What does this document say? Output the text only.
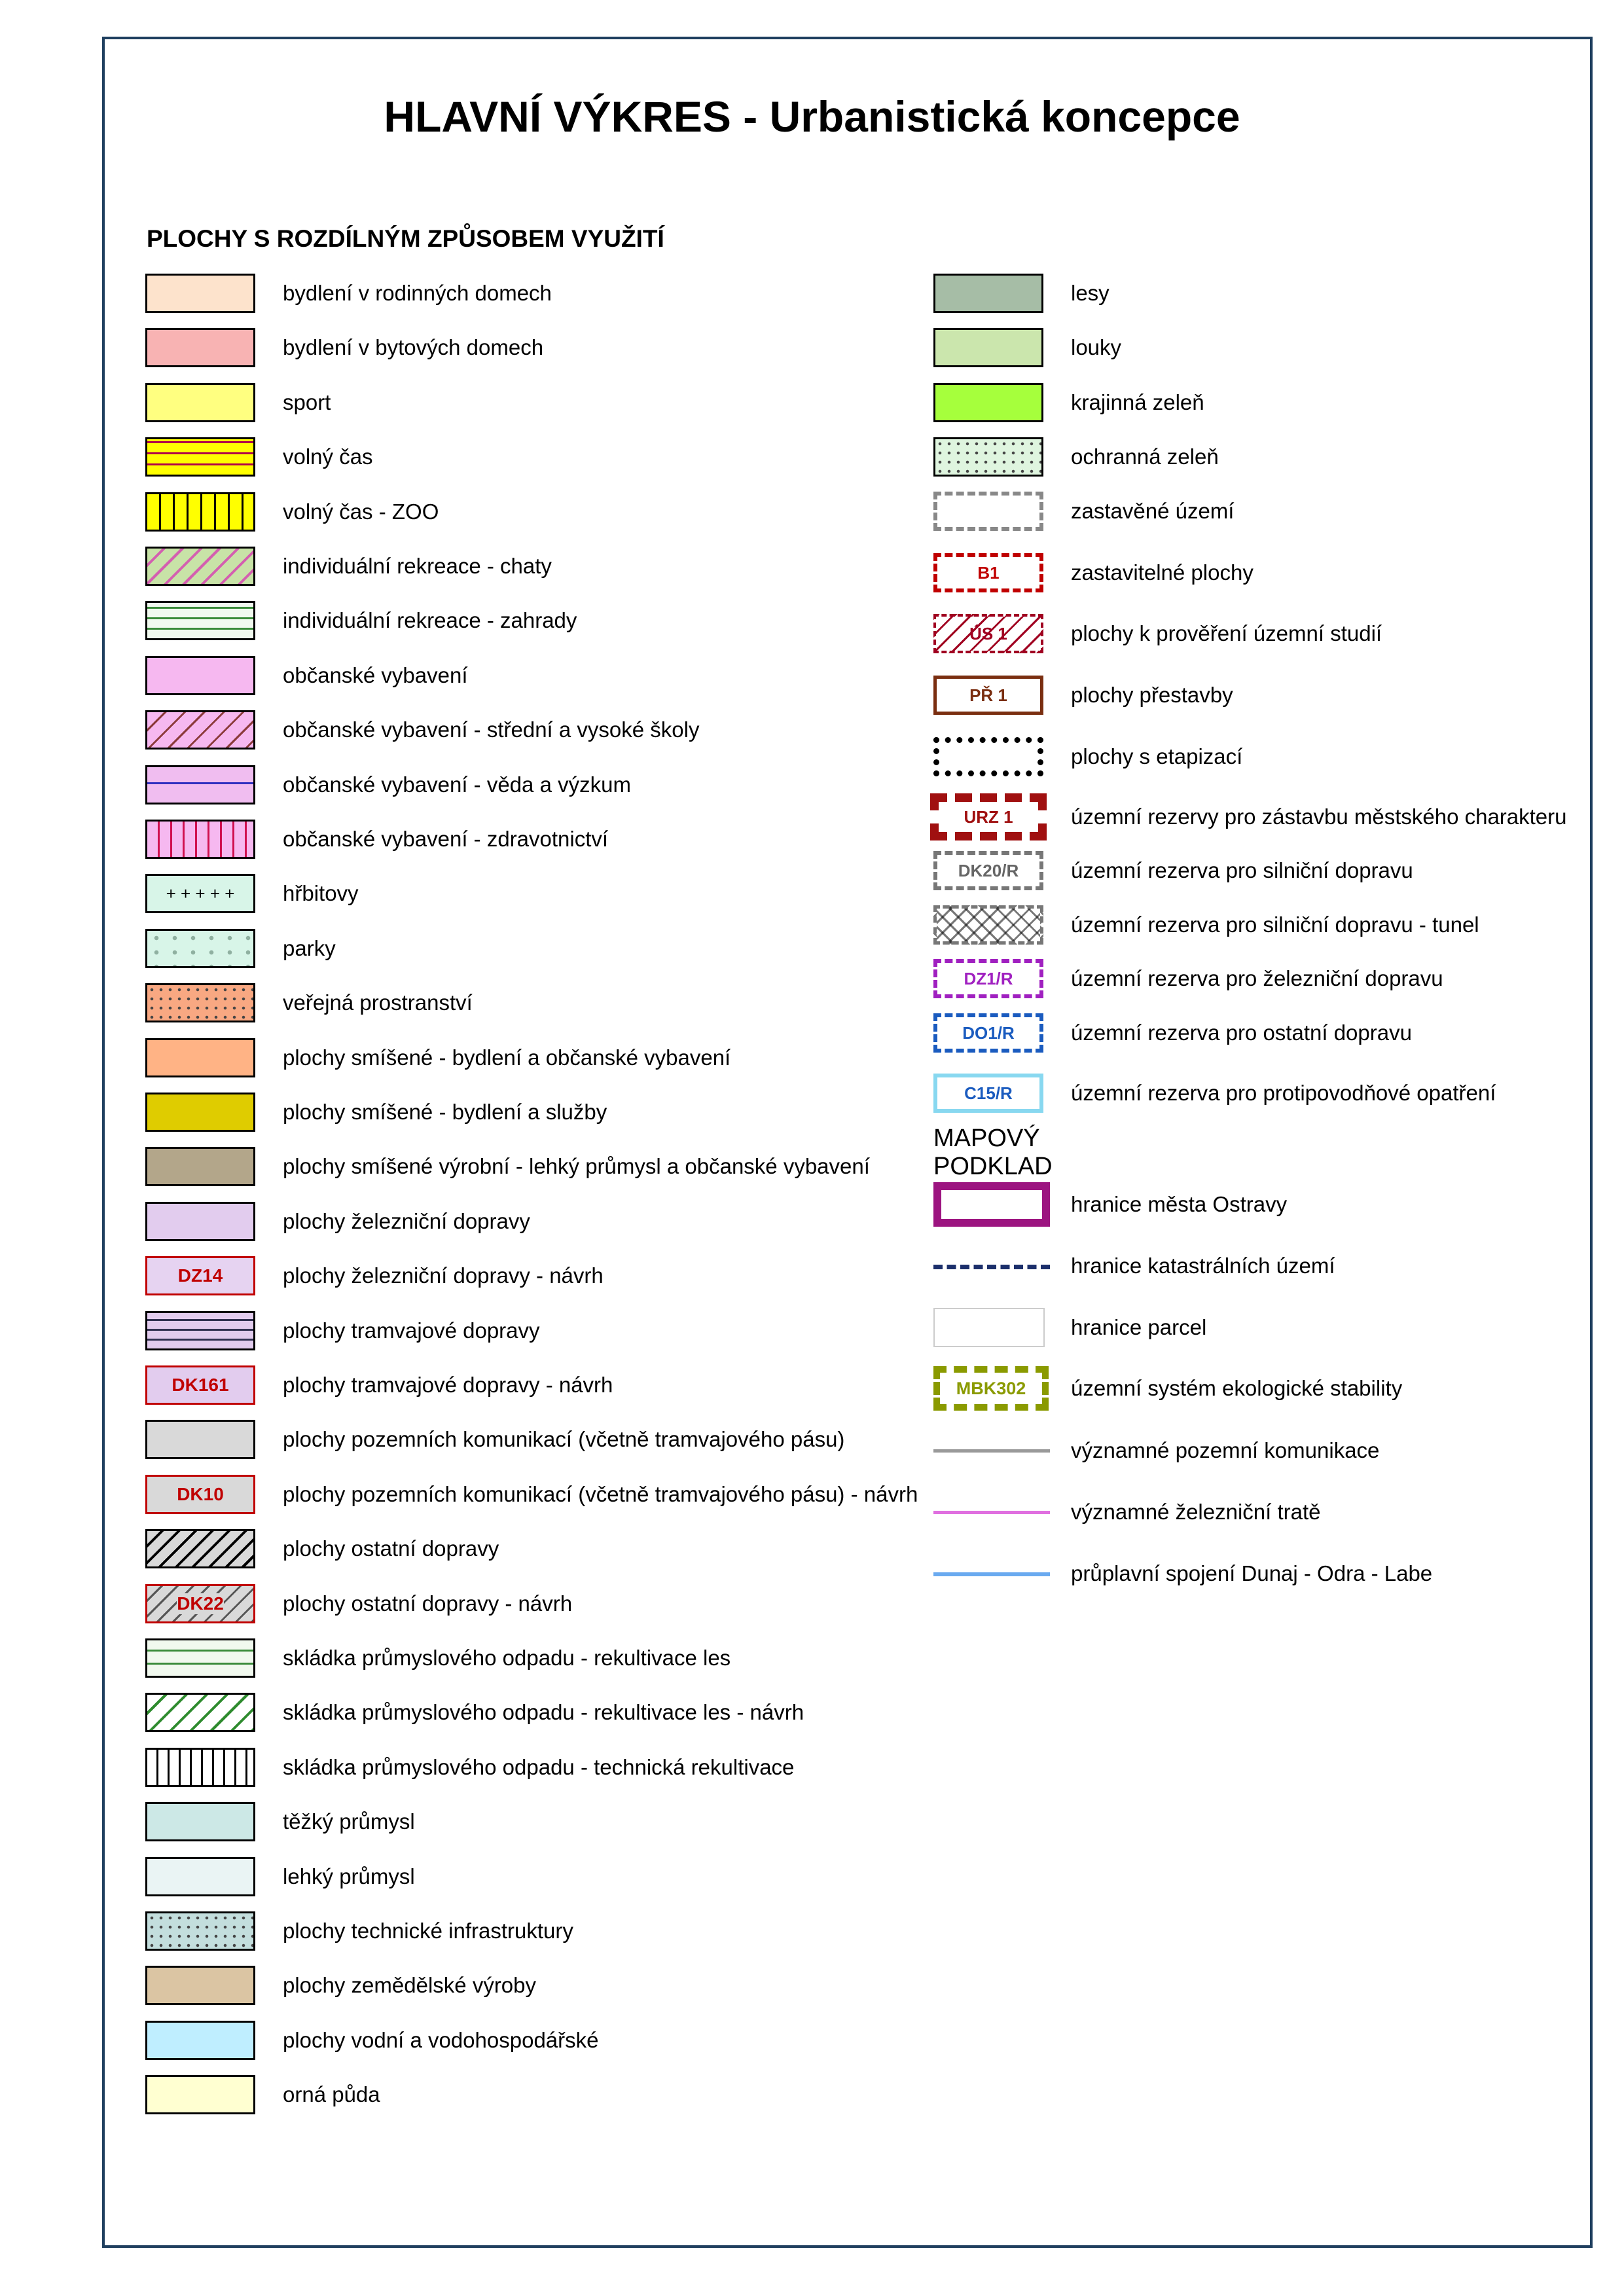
HLAVNÍ VÝKRES - Urbanistická koncepce
PLOCHY S ROZDÍLNÝM ZPŮSOBEM VYUŽITÍ
bydlení v rodinných domech
bydlení v bytových domech
sport
volný čas
volný čas - ZOO
individuální rekreace - chaty
individuální rekreace - zahrady
občanské vybavení
občanské vybavení - střední a vysoké školy
občanské vybavení - věda a výzkum
občanské vybavení - zdravotnictví
+ + + + +	hřbitovy
parky
veřejná prostranství
plochy smíšené - bydlení a občanské vybavení
plochy smíšené - bydlení a služby
plochy smíšené výrobní - lehký průmysl a občanské vybavení
plochy železniční dopravy
DZ14	plochy železniční dopravy - návrh
plochy tramvajové dopravy
DK161 plochy tramvajové dopravy - návrh
plochy pozemních komunikací (včetně tramvajového pásu)
DK10	plochy pozemních komunikací (včetně tramvajového pásu) - návrh
plochy ostatní dopravy
DK22	plochy ostatní dopravy - návrh
skládka průmyslového odpadu - rekultivace les
skládka průmyslového odpadu - rekultivace les - návrh
skládka průmyslového odpadu - technická rekultivace
těžký průmysl
lehký průmysl
plochy technické infrastruktury
plochy zemědělské výroby
plochy vodní a vodohospodářské
orná půda
lesy
louky
krajinná zeleň
ochranná zeleň
zastavěné území
B1	zastavitelné plochy
ÚS 1	plochy k prověření územní studií
PŘ 1	plochy přestavby
plochy s etapizací
URZ 1	územní rezervy pro zástavbu městského charakteru
DK20/R územní rezerva pro silniční dopravu
územní rezerva pro silniční dopravu - tunel
DZ1/R	územní rezerva pro železniční dopravu
DO1/R	územní rezerva pro ostatní dopravu
C15/R	územní rezerva pro protipovodňové opatření
MAPOVÝ PODKLAD
hranice města Ostravy
hranice katastrálních území
hranice parcel
MBK302 územní systém ekologické stability
významné pozemní komunikace
významné železniční tratě
průplavní spojení Dunaj - Odra - Labe
